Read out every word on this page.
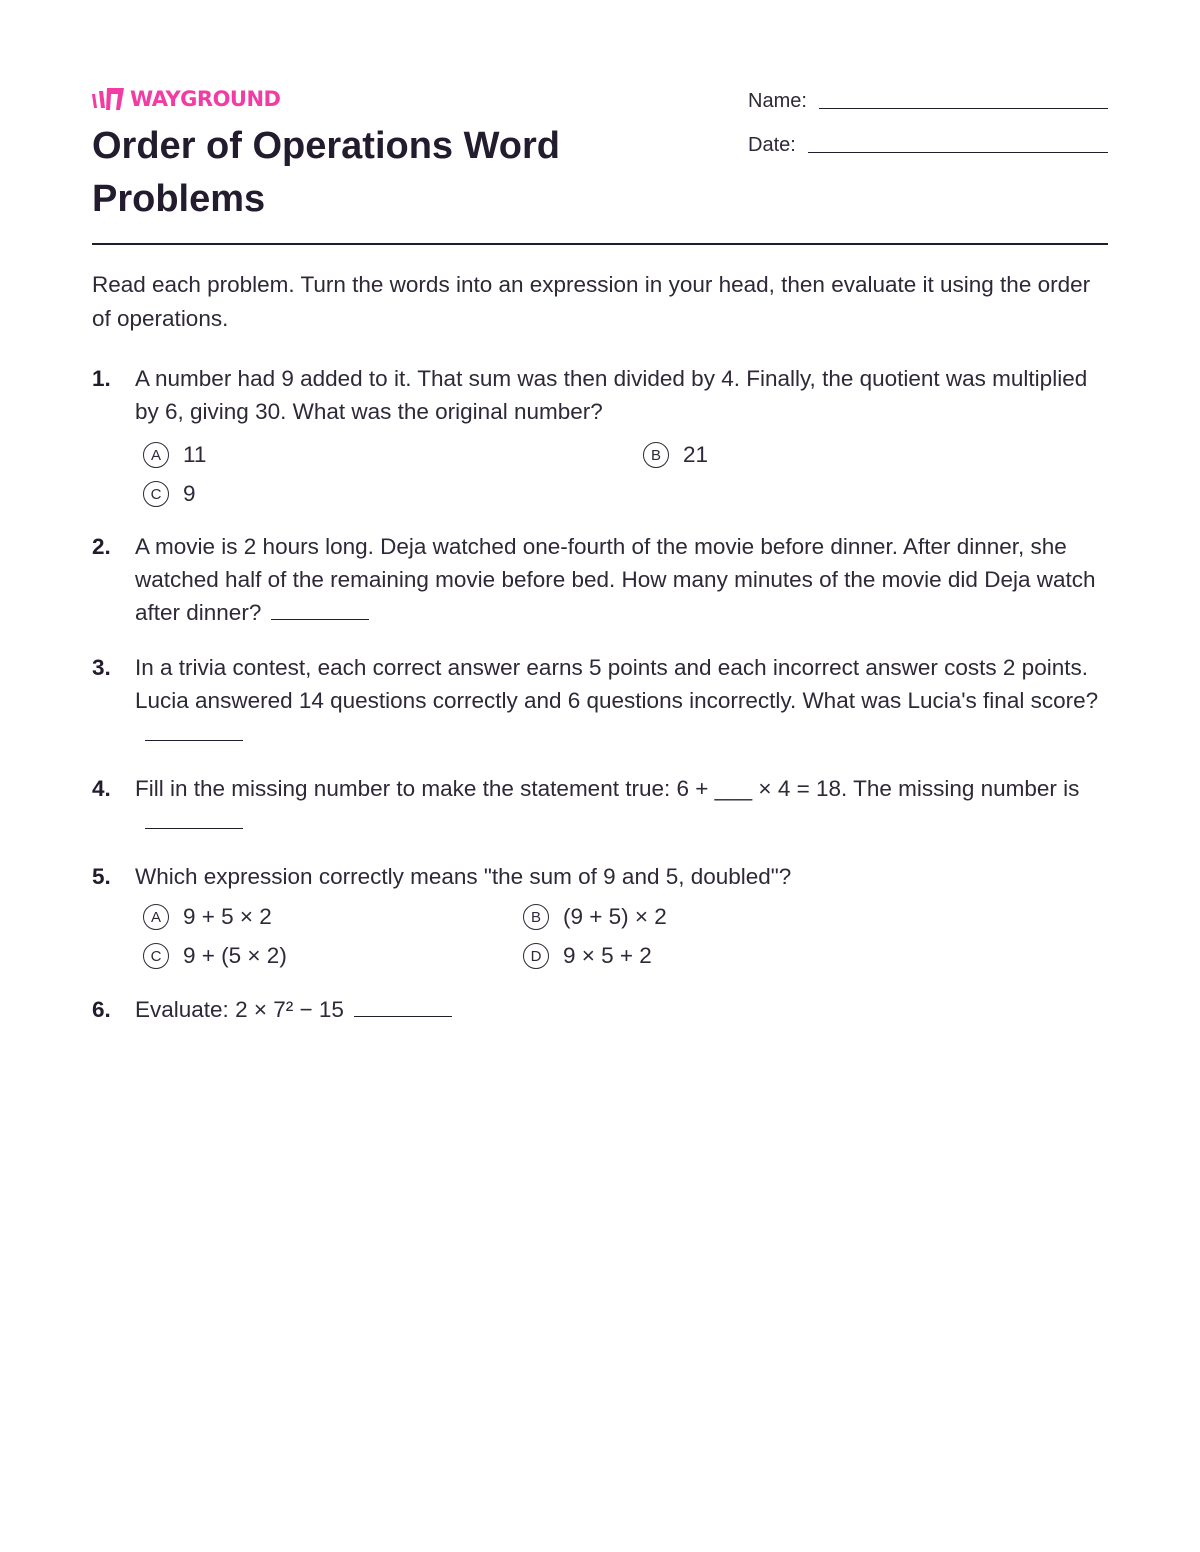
WAYGROUND
Order of Operations Word Problems
Name:
Date:
Read each problem. Turn the words into an expression in your head, then evaluate it using the order of operations.
1. A number had 9 added to it. That sum was then divided by 4. Finally, the quotient was multiplied by 6, giving 30. What was the original number?
A 11	B 21
C 9
2. A movie is 2 hours long. Deja watched one-fourth of the movie before dinner. After dinner, she watched half of the remaining movie before bed. How many minutes of the movie did Deja watch after dinner?
3. In a trivia contest, each correct answer earns 5 points and each incorrect answer costs 2 points. Lucia answered 14 questions correctly and 6 questions incorrectly. What was Lucia's final score?
4. Fill in the missing number to make the statement true: 6 + ___ × 4 = 18. The missing number is
5. Which expression correctly means "the sum of 9 and 5, doubled"?
A 9 + 5 × 2	B (9 + 5) × 2
C 9 + (5 × 2)	D 9 × 5 + 2
6. Evaluate: 2 × 7² − 15
